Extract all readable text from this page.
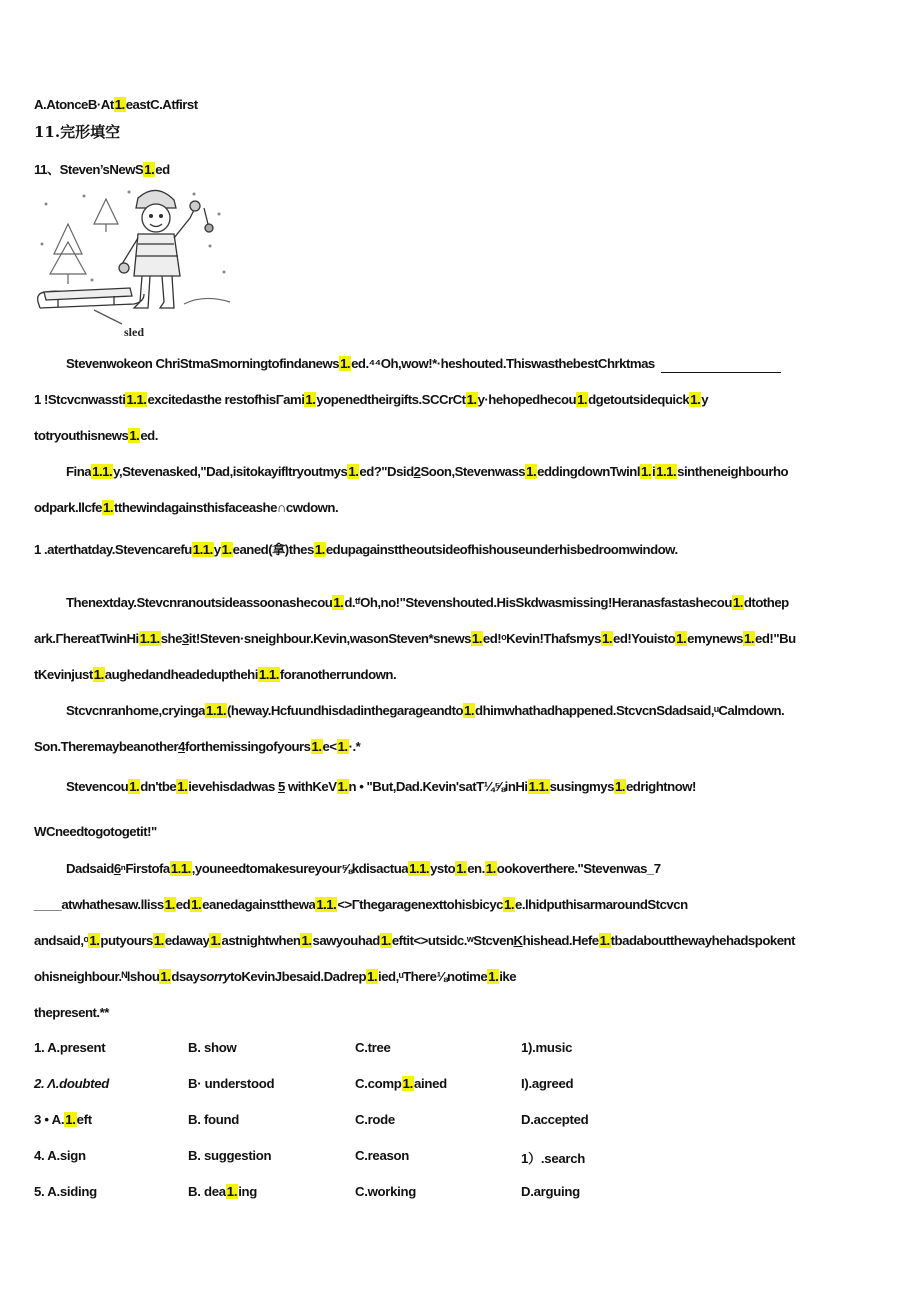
A.AtonceB·At1.eastC.Atfirst
11.完形填空
11、Steven’sNewS1.ed
sled
Stevenwokeon ChriStmaSmorningtofindanews1.ed.⁴⁴Oh,wow!*·heshouted.ThiswasthebestChrktmas
1 !Stcvcnwassti1.1.excitedasthe restofhisΓami1.yopenedtheirgifts.SCCrCt1.y·hehopedhecou1.dgetoutsidequick1.y
totryouthisnews1.ed.
Fina1.1.y,Stevenasked,"Dad,isitokayifltryoutmys1.ed?"Dsid2Soon,Stevenwass1.eddingdownTwinl1.i1.1.sintheneighbourho
odpark.llcfe1.tthewindagainsthisfaceashe∩cwdown.
1 .aterthatday.Stevencarefu1.1.y1.eaned(拿)thes1.edupagainsttheoutsideofhishouseunderhisbedroomwindow.
Thenextday.Stevcnranoutsideassoonashecou1.d.ᵗᶠOh,no!"Stevenshouted.HisSkdwasmissing!Heranasfastashecou1.dtothep
ark.ΓhereatTwinHi1.1.she3it!Steven·sneighbour.Kevin,wasonSteven*snews1.ed!ᵒKevin!Thafsmys1.ed!Youisto1.emynews1.ed!"Bu
tKevinjust1.aughedandheadedupthehi1.1.foranotherrundown.
Stcvcnranhome,cryinga1.1.(heway.Hcfuundhisdadinthegarageandto1.dhimwhathadhappened.StcvcnSdadsaid,ᵘCalmdown.
Son.Theremaybeanother4forthemissingofyours1.e<1.·.*
Stevencou1.dn'tbe1.ievehisdadwas 5 withKeV1.n • "But,Dad.Kevin'satT¼⅝inHi1.1.susingmys1.edrightnow!
WCneedtogotogetit!"
Dadsaid6ⁿFirstofa1.1.,youneedtomakesureyour⅝kdisactua1.1.ysto1.en.1.ookoverthere."Stevenwas_7
____atwhathesaw.lliss1.ed1.eanedagainstthewa1.1.<>Γthegaragenexttohisbicyc1.e.lhidputhisarmaroundStcvcn
andsaid,ᵒ1.putyours1.edaway1.astnightwhen1.sawyouhad1.eftit<>utsidc.ʷStcvenKhishead.Hefe1.tbadaboutthewayhehadspokent
ohisneighbour.ᴺlshou1.dsaysorrytoKevinJbesaid.Dadrep1.ied,ᵘThere⅛notime1.ike
thepresent.**
1. A.present	B. show	C.tree	1).music
2. Λ.doubted	B· understood	C.comp1.ained	I).agreed
3 • A.1.eft	B. found	C.rode	D.accepted
4. A.sign	B. suggestion	C.reason	1）.search
5. A.siding	B. dea1.ing	C.working	D.arguing
